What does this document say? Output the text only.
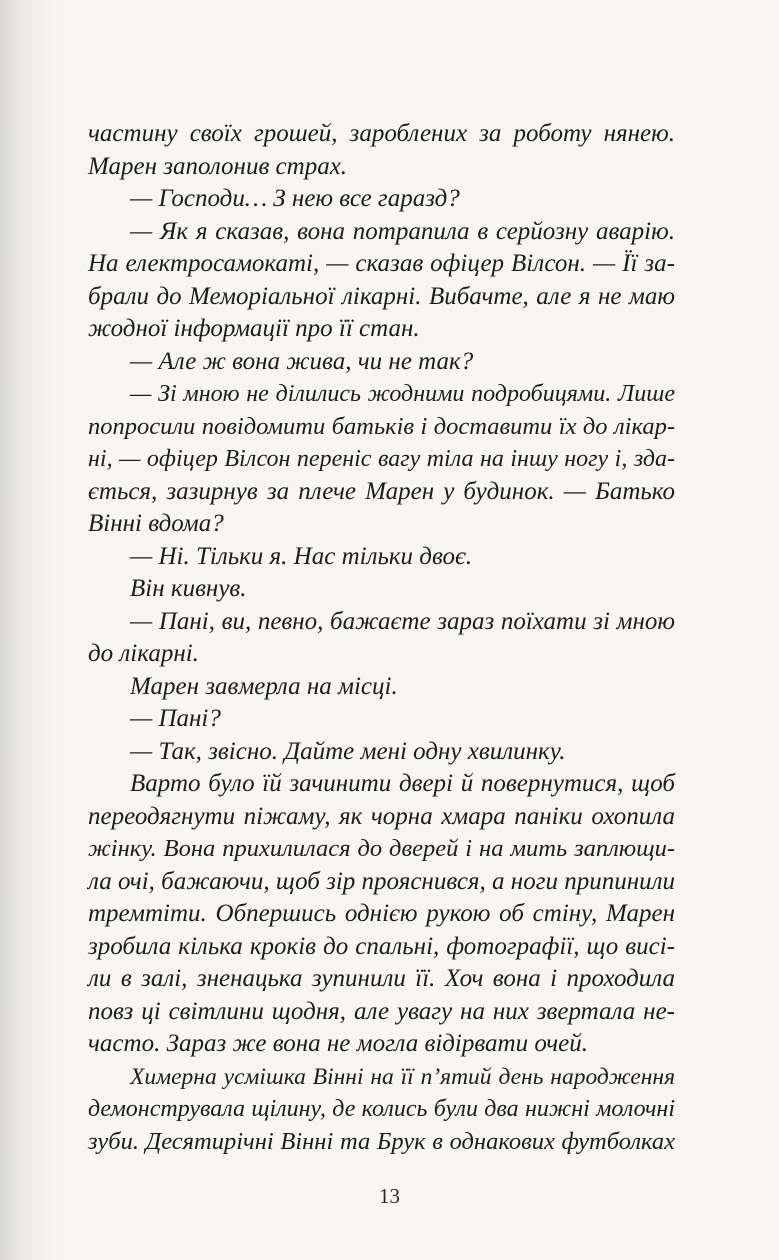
частину своїх грошей, зароблених за роботу нянею.
Марен заполонив страх.
— Господи… З нею все гаразд?
— Як я сказав, вона потрапила в серйозну аварію.
На електросамокаті, — сказав офіцер Вілсон. — Її за-
брали до Меморіальної лікарні. Вибачте, але я не маю
жодної інформації про її стан.
— Але ж вона жива, чи не так?
— Зі мною не ділились жодними подробицями. Лише
попросили повідомити батьків і доставити їх до лікар-
ні, — офіцер Вілсон переніс вагу тіла на іншу ногу і, зда-
ється, зазирнув за плече Марен у будинок. — Батько
Вінні вдома?
— Ні. Тільки я. Нас тільки двоє.
Він кивнув.
— Пані, ви, певно, бажаєте зараз поїхати зі мною
до лікарні.
Марен завмерла на місці.
— Пані?
— Так, звісно. Дайте мені одну хвилинку.
Варто було їй зачинити двері й повернутися, щоб
переодягнути піжаму, як чорна хмара паніки охопила
жінку. Вона прихилилася до дверей і на мить заплющи-
ла очі, бажаючи, щоб зір прояснився, а ноги припинили
тремтіти. Обпершись однією рукою об стіну, Марен
зробила кілька кроків до спальні, фотографії, що висі-
ли в залі, зненацька зупинили її. Хоч вона і проходила
повз ці світлини щодня, але увагу на них звертала не-
часто. Зараз же вона не могла відірвати очей.
Химерна усмішка Вінні на її п’ятий день народження
демонструвала щілину, де колись були два нижні молочні
зуби. Десятирічні Вінні та Брук в однакових футболках
13
